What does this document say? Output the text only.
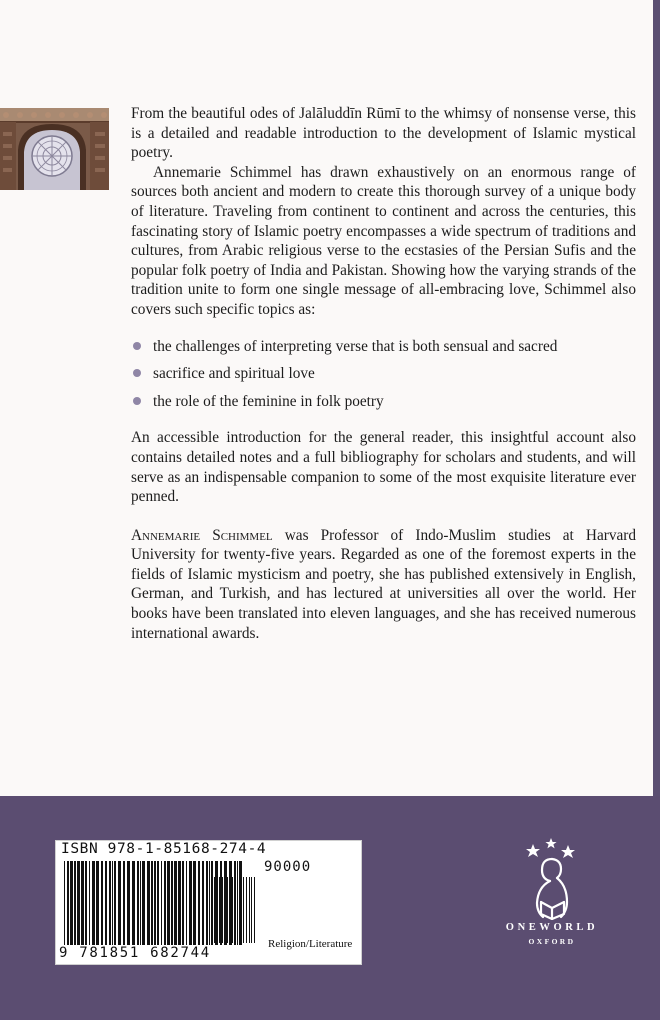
From the beautiful odes of Jalāluddīn Rūmī to the whimsy of nonsense verse, this is a detailed and readable introduction to the development of Islamic mystical poetry.

Annemarie Schimmel has drawn exhaustively on an enormous range of sources both ancient and modern to create this thorough survey of a unique body of literature. Traveling from continent to continent and across the centuries, this fascinating story of Islamic poetry encompasses a wide spectrum of traditions and cultures, from Arabic religious verse to the ecstasies of the Persian Sufis and the popular folk poetry of India and Pakistan. Showing how the varying strands of the tradition unite to form one single message of all-embracing love, Schimmel also covers such specific topics as:

the challenges of interpreting verse that is both sensual and sacred
sacrifice and spiritual love
the role of the feminine in folk poetry

An accessible introduction for the general reader, this insightful account also contains detailed notes and a full bibliography for scholars and students, and will serve as an indispensable companion to some of the most exquisite literature ever penned.

Annemarie Schimmel was Professor of Indo-Muslim studies at Harvard University for twenty-five years. Regarded as one of the foremost experts in the fields of Islamic mysticism and poetry, she has published extensively in English, German, and Turkish, and has lectured at universities all over the world. Her books have been translated into eleven languages, and she has received numerous international awards.

ISBN 978-1-85168-274-4
90000
Religion/Literature
9 781851 682744
ONEWORLD
OXFORD
